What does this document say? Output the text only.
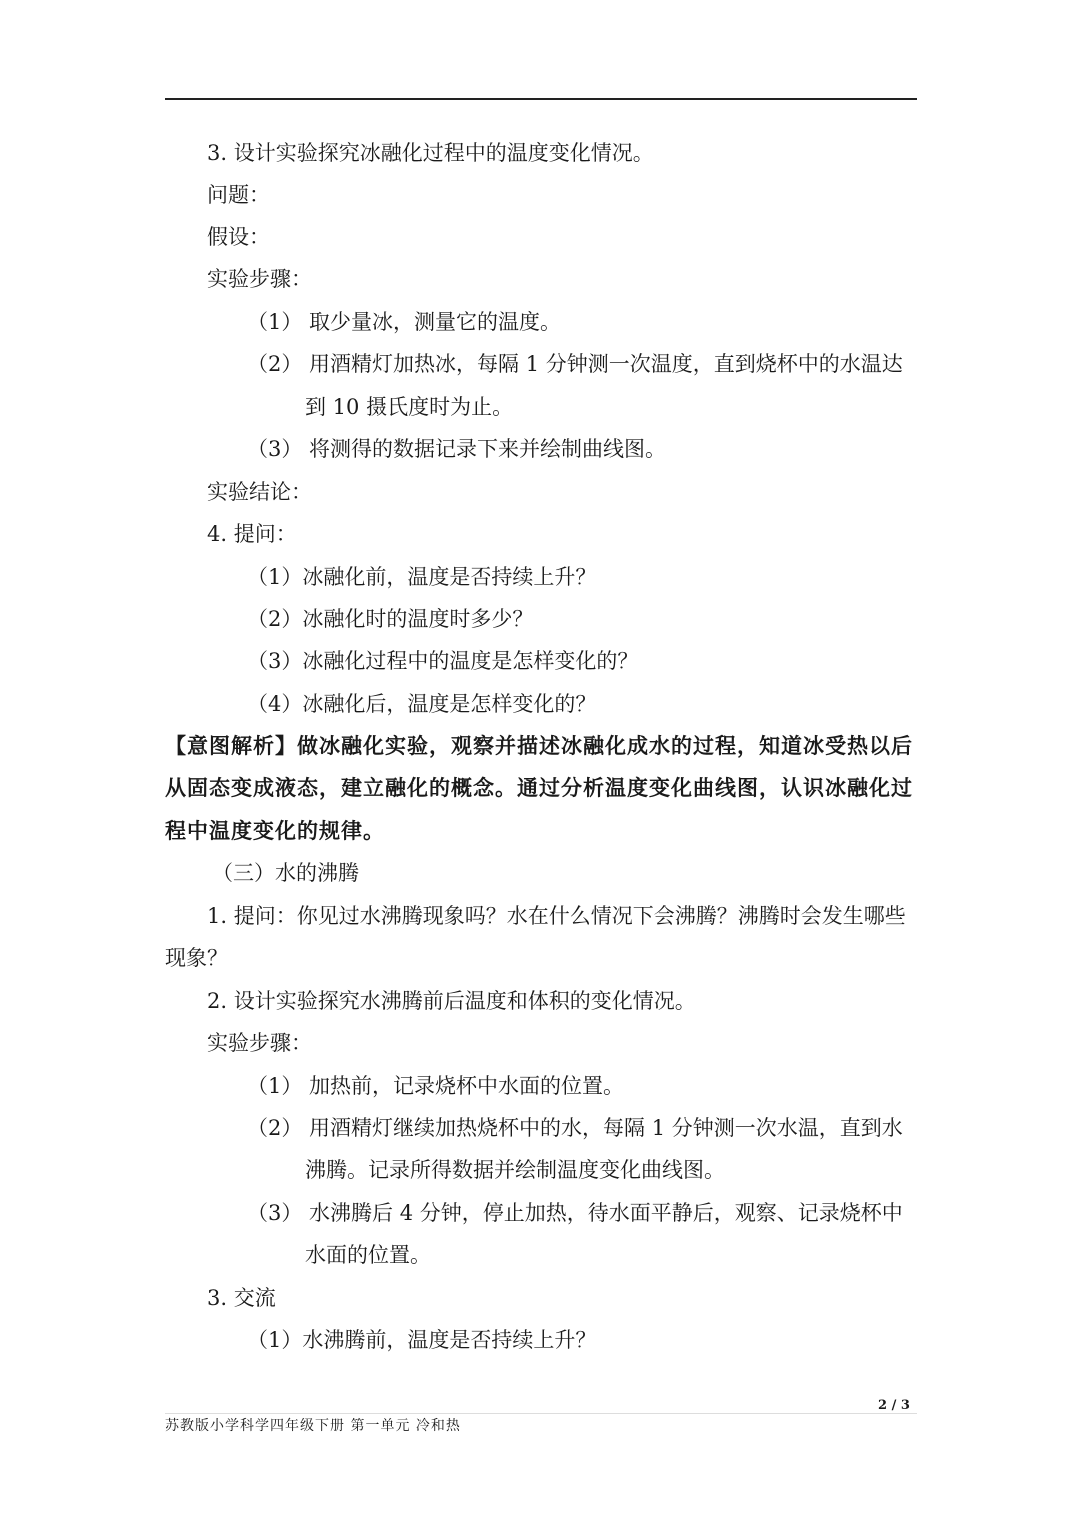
3. 设计实验探究冰融化过程中的温度变化情况。
问题：
假设：
实验步骤：
（1） 取少量冰，测量它的温度。
（2） 用酒精灯加热冰，每隔 1 分钟测一次温度，直到烧杯中的水温达
到 10 摄氏度时为止。
（3） 将测得的数据记录下来并绘制曲线图。
实验结论：
4. 提问：
（1）冰融化前，温度是否持续上升？
（2）冰融化时的温度时多少？
（3）冰融化过程中的温度是怎样变化的？
（4）冰融化后，温度是怎样变化的？
【意图解析】做冰融化实验，观察并描述冰融化成水的过程，知道冰受热以后
从固态变成液态，建立融化的概念。通过分析温度变化曲线图，认识冰融化过
程中温度变化的规律。
（三）水的沸腾
1. 提问：你见过水沸腾现象吗？水在什么情况下会沸腾？沸腾时会发生哪些
现象？
2. 设计实验探究水沸腾前后温度和体积的变化情况。
实验步骤：
（1） 加热前，记录烧杯中水面的位置。
（2） 用酒精灯继续加热烧杯中的水，每隔 1 分钟测一次水温，直到水
沸腾。记录所得数据并绘制温度变化曲线图。
（3） 水沸腾后 4 分钟，停止加热，待水面平静后，观察、记录烧杯中
水面的位置。
3. 交流
（1）水沸腾前，温度是否持续上升？
2 / 3
苏教版小学科学四年级下册 第一单元 冷和热
